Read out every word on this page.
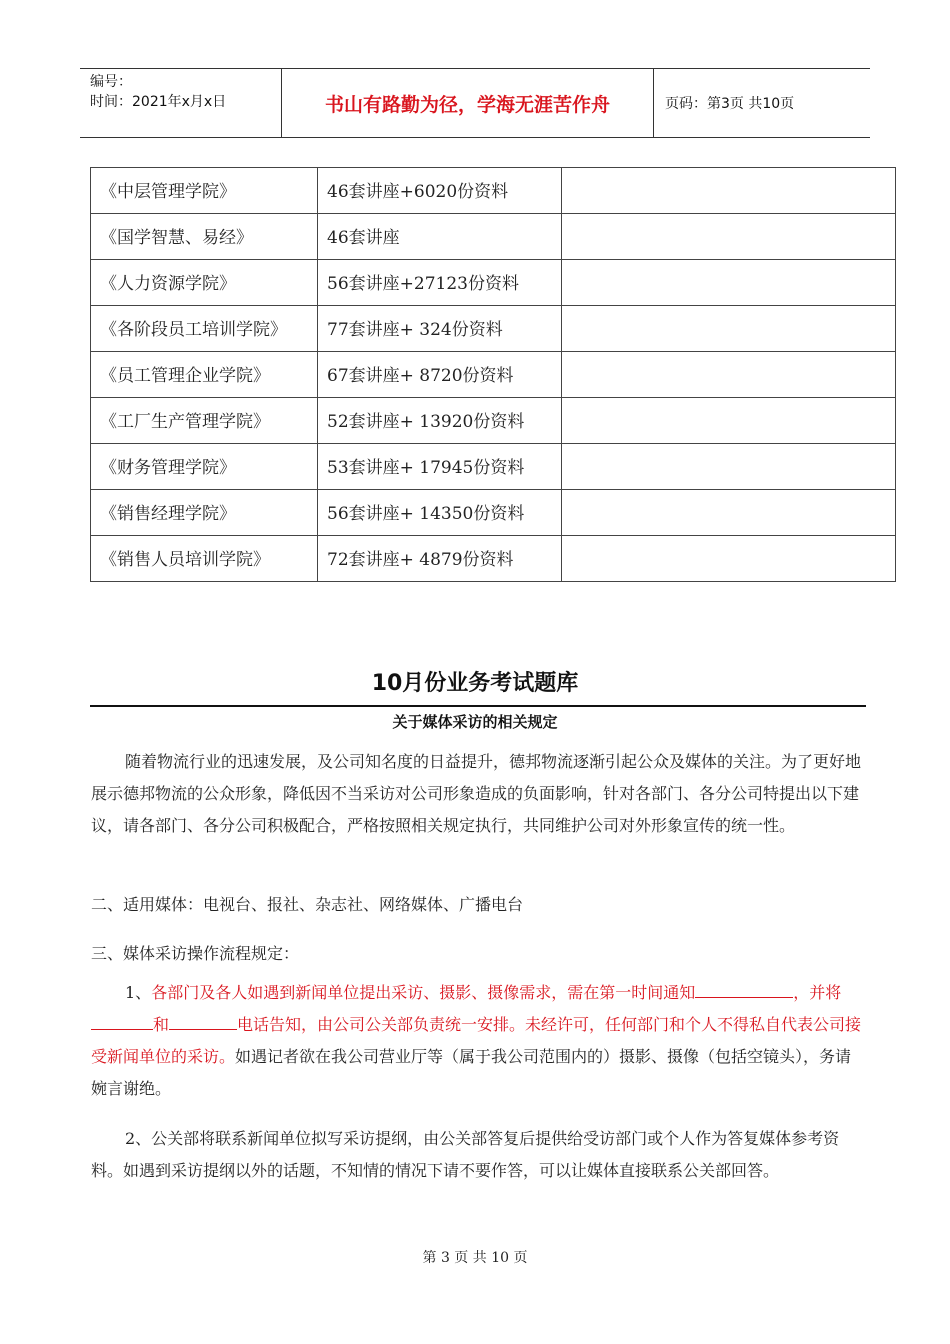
编号：
时间：2021年x月x日	书山有路勤为径，学海无涯苦作舟	页码：第3页 共10页
《中层管理学院》	46套讲座+6020份资料	
《国学智慧、易经》	46套讲座	
《人力资源学院》	56套讲座+27123份资料	
《各阶段员工培训学院》	77套讲座+ 324份资料	
《员工管理企业学院》	67套讲座+ 8720份资料	
《工厂生产管理学院》	52套讲座+ 13920份资料	
《财务管理学院》	53套讲座+ 17945份资料	
《销售经理学院》	56套讲座+ 14350份资料	
《销售人员培训学院》	72套讲座+ 4879份资料	
10月份业务考试题库
关于媒体采访的相关规定
随着物流行业的迅速发展，及公司知名度的日益提升，德邦物流逐渐引起公众及媒体的关注。为了更好地展示德邦物流的公众形象，降低因不当采访对公司形象造成的负面影响，针对各部门、各分公司特提出以下建议，请各部门、各分公司积极配合，严格按照相关规定执行，共同维护公司对外形象宣传的统一性。
二、适用媒体：电视台、报社、杂志社、网络媒体、广播电台
三、媒体采访操作流程规定：
1、各部门及各人如遇到新闻单位提出采访、摄影、摄像需求，需在第一时间通知	，并将和	电话告知，由公司公关部负责统一安排。未经许可，任何部门和个人不得私自代表公司接受新闻单位的采访。如遇记者欲在我公司营业厅等（属于我公司范围内的）摄影、摄像（包括空镜头），务请婉言谢绝。
2、公关部将联系新闻单位拟写采访提纲，由公关部答复后提供给受访部门或个人作为答复媒体参考资料。如遇到采访提纲以外的话题，不知情的情况下请不要作答，可以让媒体直接联系公关部回答。
第 3 页 共 10 页
